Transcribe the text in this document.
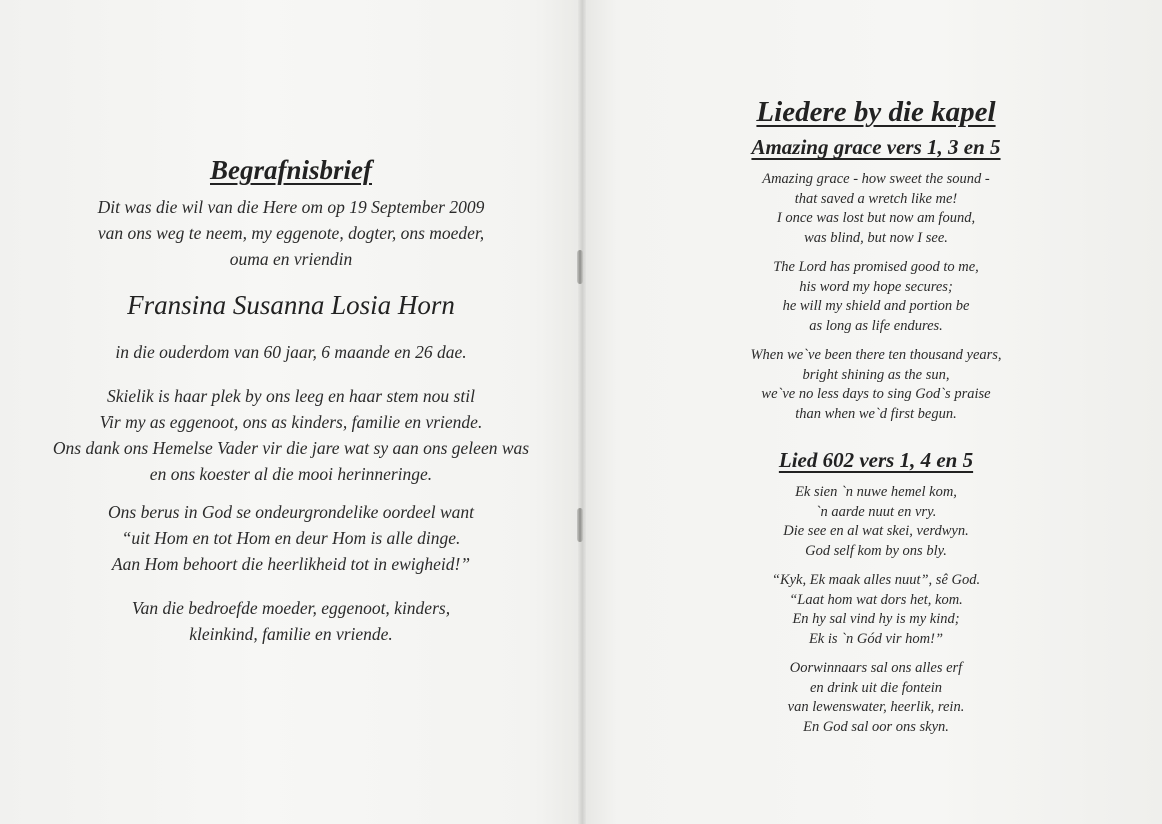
Begrafnisbrief

Dit was die wil van die Here om op 19 September 2009

van ons weg te neem, my eggenote, dogter, ons moeder,

ouma en vriendin

Fransina Susanna Losia Horn

in die ouderdom van 60 jaar, 6 maande en 26 dae.

Skielik is haar plek by ons leeg en haar stem nou stil

Vir my as eggenoot, ons as kinders, familie en vriende.

Ons dank ons Hemelse Vader vir die jare wat sy aan ons geleen was

en ons koester al die mooi herinneringe.

Ons berus in God se ondeurgrondelike oordeel want

“uit Hom en tot Hom en deur Hom is alle dinge.

Aan Hom behoort die heerlikheid tot in ewigheid!”

Van die bedroefde moeder, eggenoot, kinders,

kleinkind, familie en vriende.

Liedere by die kapel
Amazing grace vers 1, 3 en 5

Amazing grace - how sweet the sound -

that saved a wretch like me!

I once was lost but now am found,

was blind, but now I see.

The Lord has promised good to me,

his word my hope secures;

he will my shield and portion be

as long as life endures.

When we`ve been there ten thousand years,

bright shining as the sun,

we`ve no less days to sing God`s praise

than when we`d first begun.

Lied 602 vers 1, 4 en 5

Ek sien `n nuwe hemel kom,

`n aarde nuut en vry.

Die see en al wat skei, verdwyn.

God self kom by ons bly.

“Kyk, Ek maak alles nuut”, sê God.

“Laat hom wat dors het, kom.

En hy sal vind hy is my kind;

Ek is `n Gód vir hom!”

Oorwinnaars sal ons alles erf

en drink uit die fontein

van lewenswater, heerlik, rein.

En God sal oor ons skyn.
